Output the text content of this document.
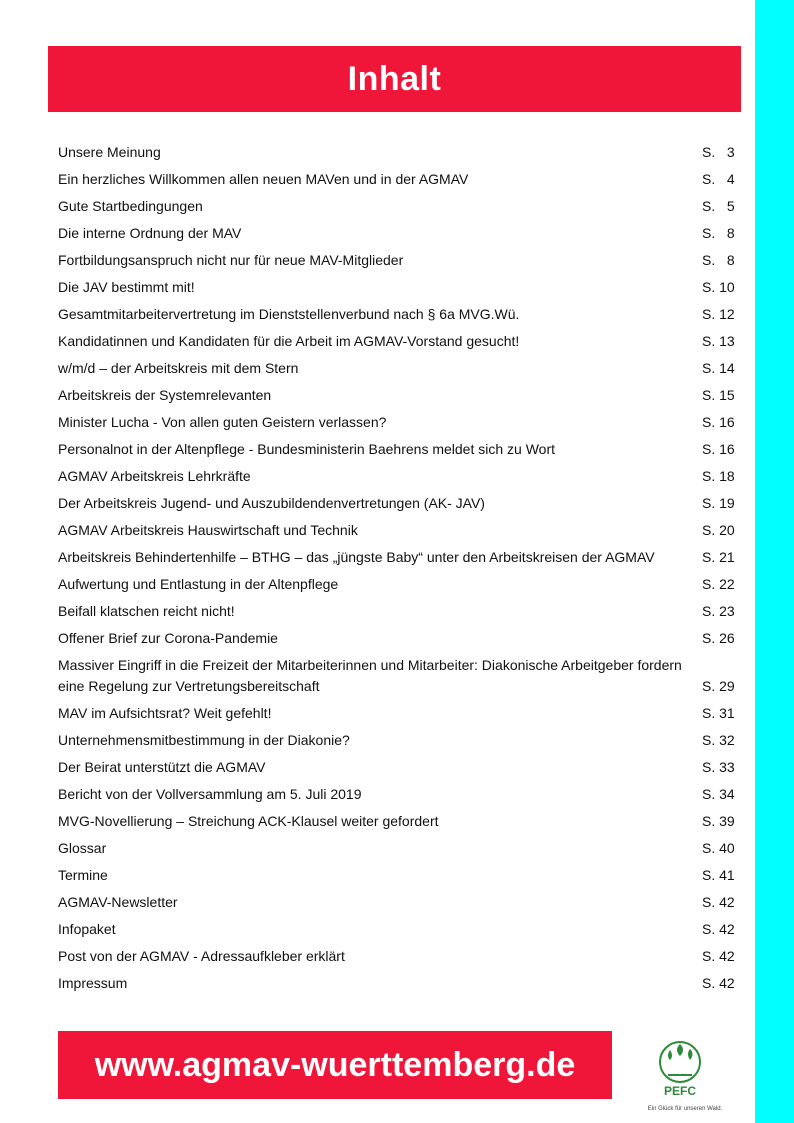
Inhalt
Unsere Meinung	S.   3
Ein herzliches Willkommen allen neuen MAVen und in der AGMAV	S.   4
Gute Startbedingungen	S.   5
Die interne Ordnung der MAV	S.   8
Fortbildungsanspruch nicht nur für neue MAV-Mitglieder	S.   8
Die JAV bestimmt mit!	S. 10
Gesamtmitarbeitervertretung im Dienststellenverbund nach § 6a MVG.Wü.	S. 12
Kandidatinnen und Kandidaten für die Arbeit im AGMAV-Vorstand gesucht!	S. 13
w/m/d – der Arbeitskreis mit dem Stern	S. 14
Arbeitskreis der Systemrelevanten	S. 15
Minister Lucha - Von allen guten Geistern verlassen?	S. 16
Personalnot in der Altenpflege - Bundesministerin Baehrens meldet sich zu Wort	S. 16
AGMAV Arbeitskreis Lehrkräfte	S. 18
Der Arbeitskreis Jugend- und Auszubildendenvertretungen (AK- JAV)	S. 19
AGMAV Arbeitskreis Hauswirtschaft und Technik	S. 20
Arbeitskreis Behindertenhilfe – BTHG – das „jüngste Baby“ unter den Arbeitskreisen der AGMAV	S. 21
Aufwertung und Entlastung in der Altenpflege	S. 22
Beifall klatschen reicht nicht!	S. 23
Offener Brief zur Corona-Pandemie	S. 26
Massiver Eingriff in die Freizeit der Mitarbeiterinnen und Mitarbeiter: Diakonische Arbeitgeber fordern eine Regelung zur Vertretungsbereitschaft	S. 29
MAV im Aufsichtsrat? Weit gefehlt!	S. 31
Unternehmensmitbestimmung in der Diakonie?	S. 32
Der Beirat unterstützt die AGMAV	S. 33
Bericht von der Vollversammlung am 5. Juli 2019	S. 34
MVG-Novellierung – Streichung ACK-Klausel weiter gefordert	S. 39
Glossar	S. 40
Termine	S. 41
AGMAV-Newsletter	S. 42
Infopaket	S. 42
Post von der AGMAV - Adressaufkleber erklärt	S. 42
Impressum	S. 42
www.agmav-wuerttemberg.de
PEFC
Ein Glück für unseren Wald.
